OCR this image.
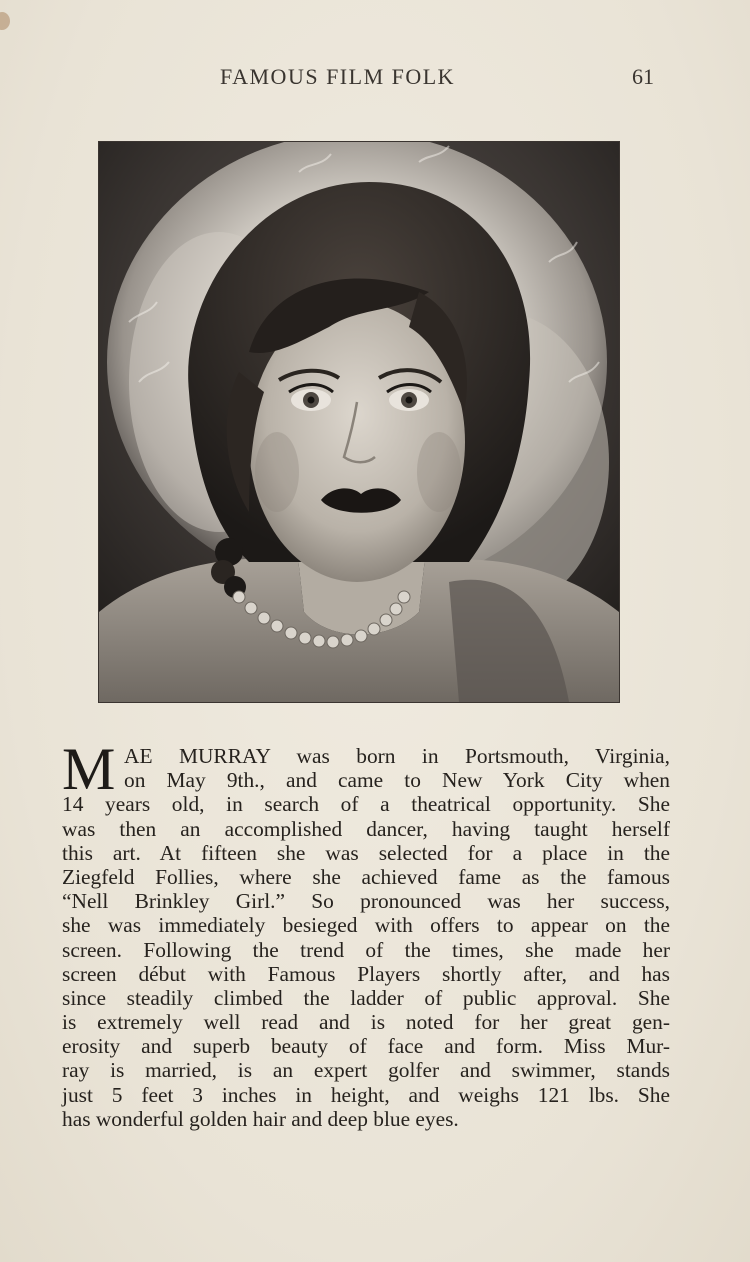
FAMOUS FILM FOLK	61
M AE MURRAY was born in Portsmouth, Virginia,
on May 9th., and came to New York City when
14 years old, in search of a theatrical opportunity. She
was then an accomplished dancer, having taught herself
this art. At fifteen she was selected for a place in the
Ziegfeld Follies, where she achieved fame as the famous
“Nell Brinkley Girl.” So pronounced was her success,
she was immediately besieged with offers to appear on the
screen. Following the trend of the times, she made her
screen début with Famous Players shortly after, and has
since steadily climbed the ladder of public approval. She
is extremely well read and is noted for her great gen-
erosity and superb beauty of face and form. Miss Mur-
ray is married, is an expert golfer and swimmer, stands
just 5 feet 3 inches in height, and weighs 121 lbs. She
has wonderful golden hair and deep blue eyes.
